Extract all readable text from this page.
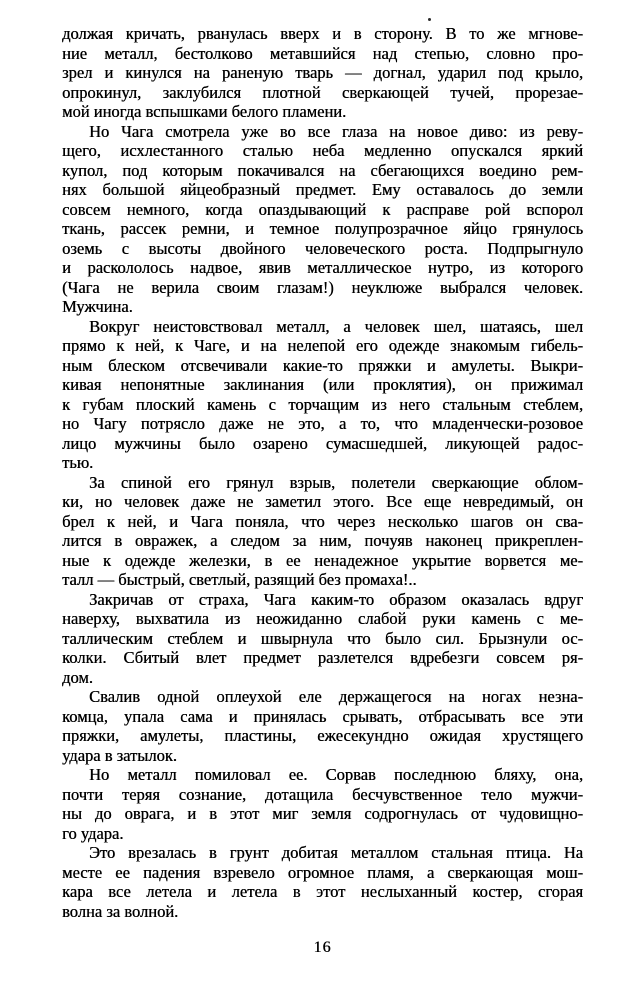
должая кричать, рванулась вверх и в сторону. В то же мгнове-
ние металл, бестолково метавшийся над степью, словно про-
зрел и кинулся на раненую тварь — догнал, ударил под крыло,
опрокинул, заклубился плотной сверкающей тучей, прорезае-
мой иногда вспышками белого пламени.
Но Чага смотрела уже во все глаза на новое диво: из реву-
щего, исхлестанного сталью неба медленно опускался яркий
купол, под которым покачивался на сбегающихся воедино рем-
нях большой яйцеобразный предмет. Ему оставалось до земли
совсем немного, когда опаздывающий к расправе рой вспорол
ткань, рассек ремни, и темное полупрозрачное яйцо грянулось
оземь с высоты двойного человеческого роста. Подпрыгнуло
и раскололось надвое, явив металлическое нутро, из которого
(Чага не верила своим глазам!) неуклюже выбрался человек.
Мужчина.
Вокруг неистовствовал металл, а человек шел, шатаясь, шел
прямо к ней, к Чаге, и на нелепой его одежде знакомым гибель-
ным блеском отсвечивали какие-то пряжки и амулеты. Выкри-
кивая непонятные заклинания (или проклятия), он прижимал
к губам плоский камень с торчащим из него стальным стеблем,
но Чагу потрясло даже не это, а то, что младенчески-розовое
лицо мужчины было озарено сумасшедшей, ликующей радос-
тью.
За спиной его грянул взрыв, полетели сверкающие облом-
ки, но человек даже не заметил этого. Все еще невредимый, он
брел к ней, и Чага поняла, что через несколько шагов он сва-
лится в овражек, а следом за ним, почуяв наконец прикреплен-
ные к одежде железки, в ее ненадежное укрытие ворвется ме-
талл — быстрый, светлый, разящий без промаха!..
Закричав от страха, Чага каким-то образом оказалась вдруг
наверху, выхватила из неожиданно слабой руки камень с ме-
таллическим стеблем и швырнула что было сил. Брызнули ос-
колки. Сбитый влет предмет разлетелся вдребезги совсем ря-
дом.
Свалив одной оплеухой еле держащегося на ногах незна-
комца, упала сама и принялась срывать, отбрасывать все эти
пряжки, амулеты, пластины, ежесекундно ожидая хрустящего
удара в затылок.
Но металл помиловал ее. Сорвав последнюю бляху, она,
почти теряя сознание, дотащила бесчувственное тело мужчи-
ны до оврага, и в этот миг земля содрогнулась от чудовищно-
го удара.
Это врезалась в грунт добитая металлом стальная птица. На
месте ее падения взревело огромное пламя, а сверкающая мош-
кара все летела и летела в этот неслыханный костер, сгорая
волна за волной.
16
